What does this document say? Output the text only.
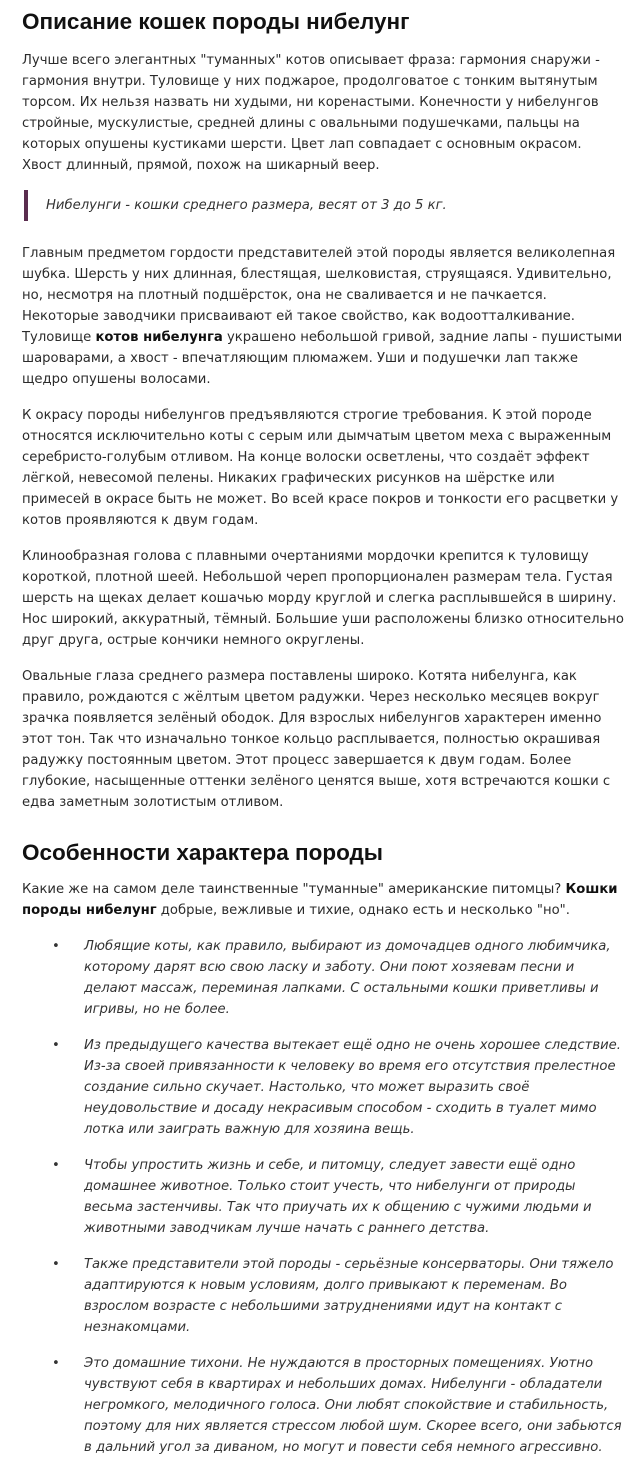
Описание кошек породы нибелунг

Лучше всего элегантных "туманных" котов описывает фраза: гармония снаружи - гармония внутри. Туловище у них поджарое, продолговатое с тонким вытянутым торсом. Их нельзя назвать ни худыми, ни коренастыми. Конечности у нибелунгов стройные, мускулистые, средней длины с овальными подушечками, пальцы на которых опушены кустиками шерсти. Цвет лап совпадает с основным окрасом. Хвост длинный, прямой, похож на шикарный веер.

Нибелунги - кошки среднего размера, весят от 3 до 5 кг.

Главным предметом гордости представителей этой породы является великолепная шубка. Шерсть у них длинная, блестящая, шелковистая, струящаяся. Удивительно, но, несмотря на плотный подшёрсток, она не сваливается и не пачкается. Некоторые заводчики присваивают ей такое свойство, как водоотталкивание. Туловище котов нибелунга украшено небольшой гривой, задние лапы - пушистыми шароварами, а хвост - впечатляющим плюмажем. Уши и подушечки лап также щедро опушены волосами.

К окрасу породы нибелунгов предъявляются строгие требования. К этой породе относятся исключительно коты с серым или дымчатым цветом меха с выраженным серебристо-голубым отливом. На конце волоски осветлены, что создаёт эффект лёгкой, невесомой пелены. Никаких графических рисунков на шёрстке или примесей в окрасе быть не может. Во всей красе покров и тонкости его расцветки у котов проявляются к двум годам.

Клинообразная голова с плавными очертаниями мордочки крепится к туловищу короткой, плотной шеей. Небольшой череп пропорционален размерам тела. Густая шерсть на щеках делает кошачью морду круглой и слегка расплывшейся в ширину. Нос широкий, аккуратный, тёмный. Большие уши расположены близко относительно друг друга, острые кончики немного округлены.

Овальные глаза среднего размера поставлены широко. Котята нибелунга, как правило, рождаются с жёлтым цветом радужки. Через несколько месяцев вокруг зрачка появляется зелёный ободок. Для взрослых нибелунгов характерен именно этот тон. Так что изначально тонкое кольцо расплывается, полностью окрашивая радужку постоянным цветом. Этот процесс завершается к двум годам. Более глубокие, насыщенные оттенки зелёного ценятся выше, хотя встречаются кошки с едва заметным золотистым отливом.

Особенности характера породы

Какие же на самом деле таинственные "туманные" американские питомцы? Кошки породы нибелунг добрые, вежливые и тихие, однако есть и несколько "но".

• Любящие коты, как правило, выбирают из домочадцев одного любимчика, которому дарят всю свою ласку и заботу. Они поют хозяевам песни и делают массаж, переминая лапками. С остальными кошки приветливы и игривы, но не более.
• Из предыдущего качества вытекает ещё одно не очень хорошее следствие. Из-за своей привязанности к человеку во время его отсутствия прелестное создание сильно скучает. Настолько, что может выразить своё неудовольствие и досаду некрасивым способом - сходить в туалет мимо лотка или заиграть важную для хозяина вещь.
• Чтобы упростить жизнь и себе, и питомцу, следует завести ещё одно домашнее животное. Только стоит учесть, что нибелунги от природы весьма застенчивы. Так что приучать их к общению с чужими людьми и животными заводчикам лучше начать с раннего детства.
• Также представители этой породы - серьёзные консерваторы. Они тяжело адаптируются к новым условиям, долго привыкают к переменам. Во взрослом возрасте с небольшими затруднениями идут на контакт с незнакомцами.
• Это домашние тихони. Не нуждаются в просторных помещениях. Уютно чувствуют себя в квартирах и небольших домах. Нибелунги - обладатели негромкого, мелодичного голоса. Они любят спокойствие и стабильность, поэтому для них является стрессом любой шум. Скорее всего, они забьются в дальний угол за диваном, но могут и повести себя немного агрессивно.
